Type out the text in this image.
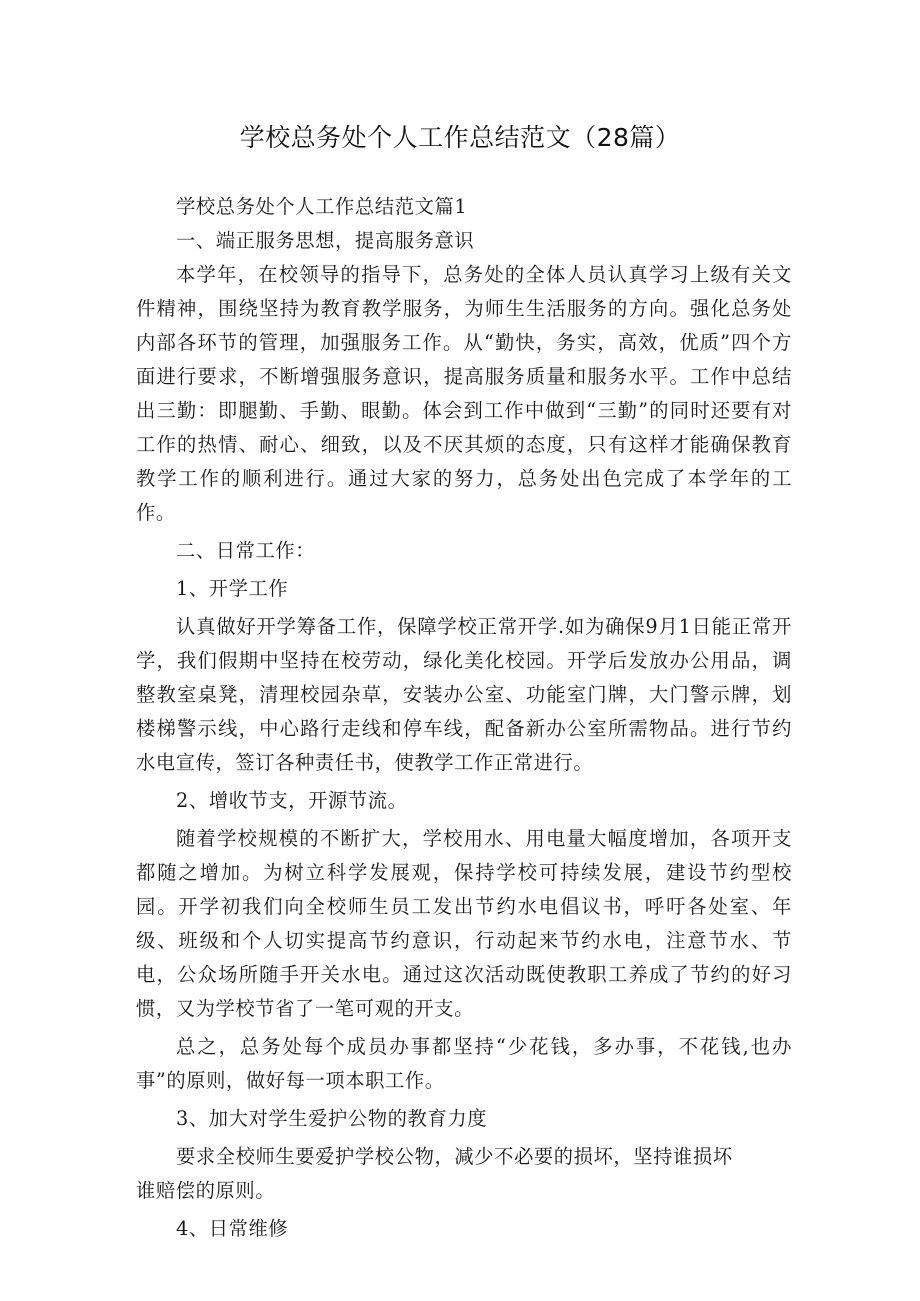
学校总务处个人工作总结范文（28篇）

学校总务处个人工作总结范文篇1

一、端正服务思想，提高服务意识

本学年，在校领导的指导下，总务处的全体人员认真学习上级有关文件精神，围绕坚持为教育教学服务，为师生生活服务的方向。强化总务处内部各环节的管理，加强服务工作。从“勤快，务实，高效，优质”四个方面进行要求，不断增强服务意识，提高服务质量和服务水平。工作中总结出三勤：即腿勤、手勤、眼勤。体会到工作中做到“三勤”的同时还要有对工作的热情、耐心、细致，以及不厌其烦的态度，只有这样才能确保教育教学工作的顺利进行。通过大家的努力，总务处出色完成了本学年的工作。

二、日常工作：

1、开学工作

认真做好开学筹备工作，保障学校正常开学.如为确保9月1日能正常开学，我们假期中坚持在校劳动，绿化美化校园。开学后发放办公用品，调整教室桌凳，清理校园杂草，安装办公室、功能室门牌，大门警示牌，划楼梯警示线，中心路行走线和停车线，配备新办公室所需物品。进行节约水电宣传，签订各种责任书，使教学工作正常进行。

2、增收节支，开源节流。

随着学校规模的不断扩大，学校用水、用电量大幅度增加，各项开支都随之增加。为树立科学发展观，保持学校可持续发展，建设节约型校园。开学初我们向全校师生员工发出节约水电倡议书，呼吁各处室、年级、班级和个人切实提高节约意识，行动起来节约水电，注意节水、节电，公众场所随手开关水电。通过这次活动既使教职工养成了节约的好习惯，又为学校节省了一笔可观的开支。

总之，总务处每个成员办事都坚持“少花钱，多办事，不花钱,也办事”的原则，做好每一项本职工作。

3、加大对学生爱护公物的教育力度

要求全校师生要爱护学校公物，减少不必要的损坏，坚持谁损坏

谁赔偿的原则。

4、日常维修
